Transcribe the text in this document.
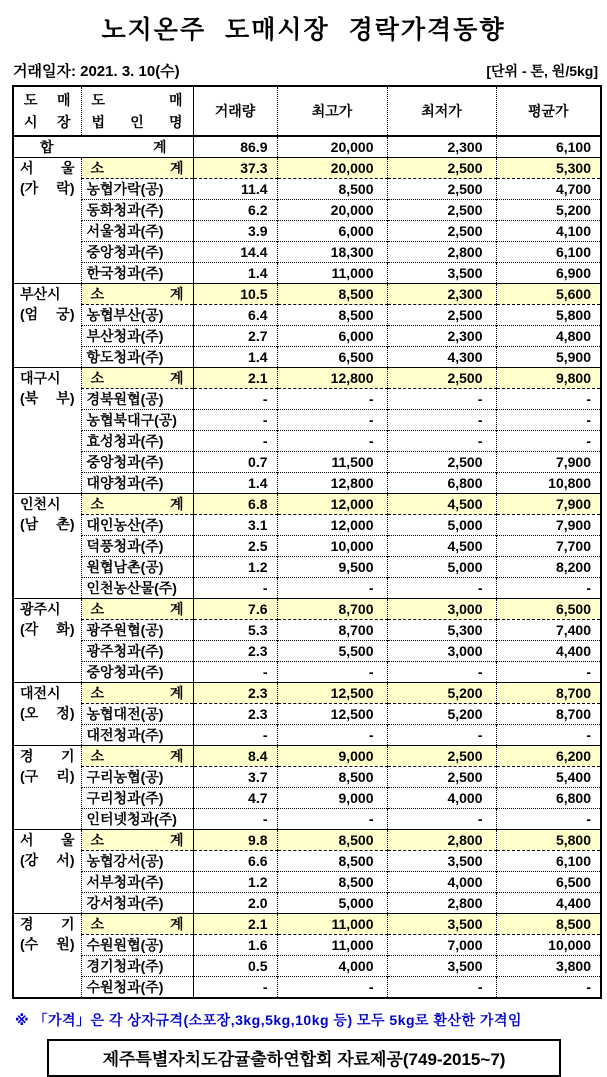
노지온주 도매시장 경락가격동향
거래일자: 2021. 3. 10(수)	[단위 - 톤, 원/5kg]
도 매
시 장

도 매
법 인 명
	거래량	최고가	최저가	평균가
합 계		86.9	20,000	2,300	6,100

서 울
(가 락)	소 계	37.3	20,000	2,500	5,300
	농협가락(공)	11.4	8,500	2,500	4,700
	동화청과(주)	6.2	20,000	2,500	5,200
	서울청과(주)	3.9	6,000	2,500	4,100
	중앙청과(주)	14.4	18,300	2,800	6,100
	한국청과(주)	1.4	11,000	3,500	6,900

부산시
(엄 궁)	소 계	10.5	8,500	2,300	5,600
	농협부산(공)	6.4	8,500	2,500	5,800
	부산청과(주)	2.7	6,000	2,300	4,800
	항도청과(주)	1.4	6,500	4,300	5,900

대구시
(북 부)	소 계	2.1	12,800	2,500	9,800
	경북원협(공)	-	-	-	-
	농협북대구(공)	-	-	-	-
	효성청과(주)	-	-	-	-
	중앙청과(주)	0.7	11,500	2,500	7,900
	대양청과(주)	1.4	12,800	6,800	10,800

인천시
(남 촌)	소 계	6.8	12,000	4,500	7,900
	대인농산(주)	3.1	12,000	5,000	7,900
	덕풍청과(주)	2.5	10,000	4,500	7,700
	원협남촌(공)	1.2	9,500	5,000	8,200
	인천농산물(주)	-	-	-	-

광주시
(각 화)	소 계	7.6	8,700	3,000	6,500
	광주원협(공)	5.3	8,700	5,300	7,400
	광주청과(주)	2.3	5,500	3,000	4,400
	중앙청과(주)	-	-	-	-

대전시
(오 정)	소 계	2.3	12,500	5,200	8,700
	농협대전(공)	2.3	12,500	5,200	8,700
	대전청과(주)	-	-	-	-

경 기
(구 리)	소 계	8.4	9,000	2,500	6,200
	구리농협(공)	3.7	8,500	2,500	5,400
	구리청과(주)	4.7	9,000	4,000	6,800
	인터넷청과(주)	-	-	-	-

서 울
(강 서)	소 계	9.8	8,500	2,800	5,800
	농협강서(공)	6.6	8,500	3,500	6,100
	서부청과(주)	1.2	8,500	4,000	6,500
	강서청과(주)	2.0	5,000	2,800	4,400

경 기
(수 원)	소 계	2.1	11,000	3,500	8,500
	수원원협(공)	1.6	11,000	7,000	10,000
	경기청과(주)	0.5	4,000	3,500	3,800
	수원청과(주)	-	-	-	-
※ 「가격」은 각 상자규격(소포장,3kg,5kg,10kg 등) 모두 5kg로 환산한 가격임
제주특별자치도감귤출하연합회 자료제공(749-2015~7)
